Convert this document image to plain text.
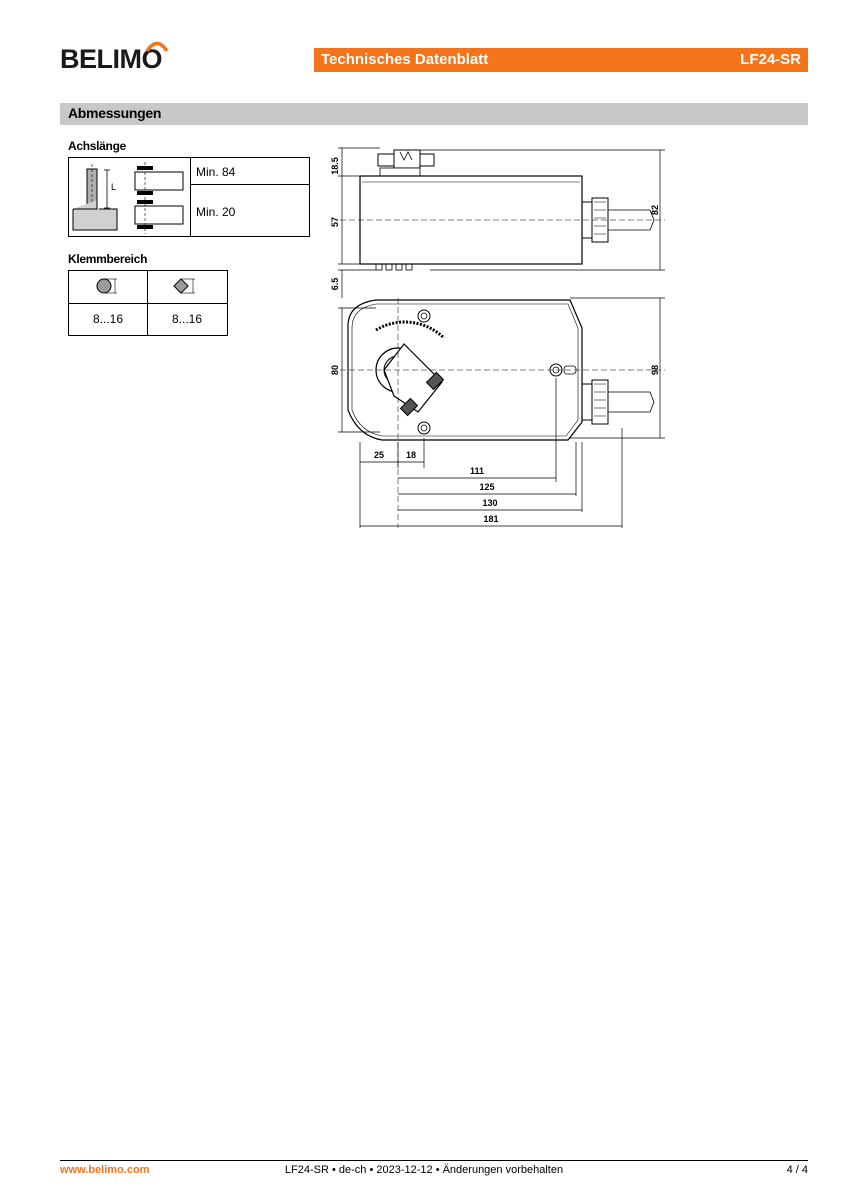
BELIMO	Technisches Datenblatt	LF24-SR
Abmessungen
Achslänge
L
Min. 84
Min. 20
Klemmbereich
8...16	8...16
18.5
57
6.5
82
80	98
25 18
111
125
130
181
www.belimo.com	LF24-SR • de-ch • 2023-12-12 • Änderungen vorbehalten	4 / 4
